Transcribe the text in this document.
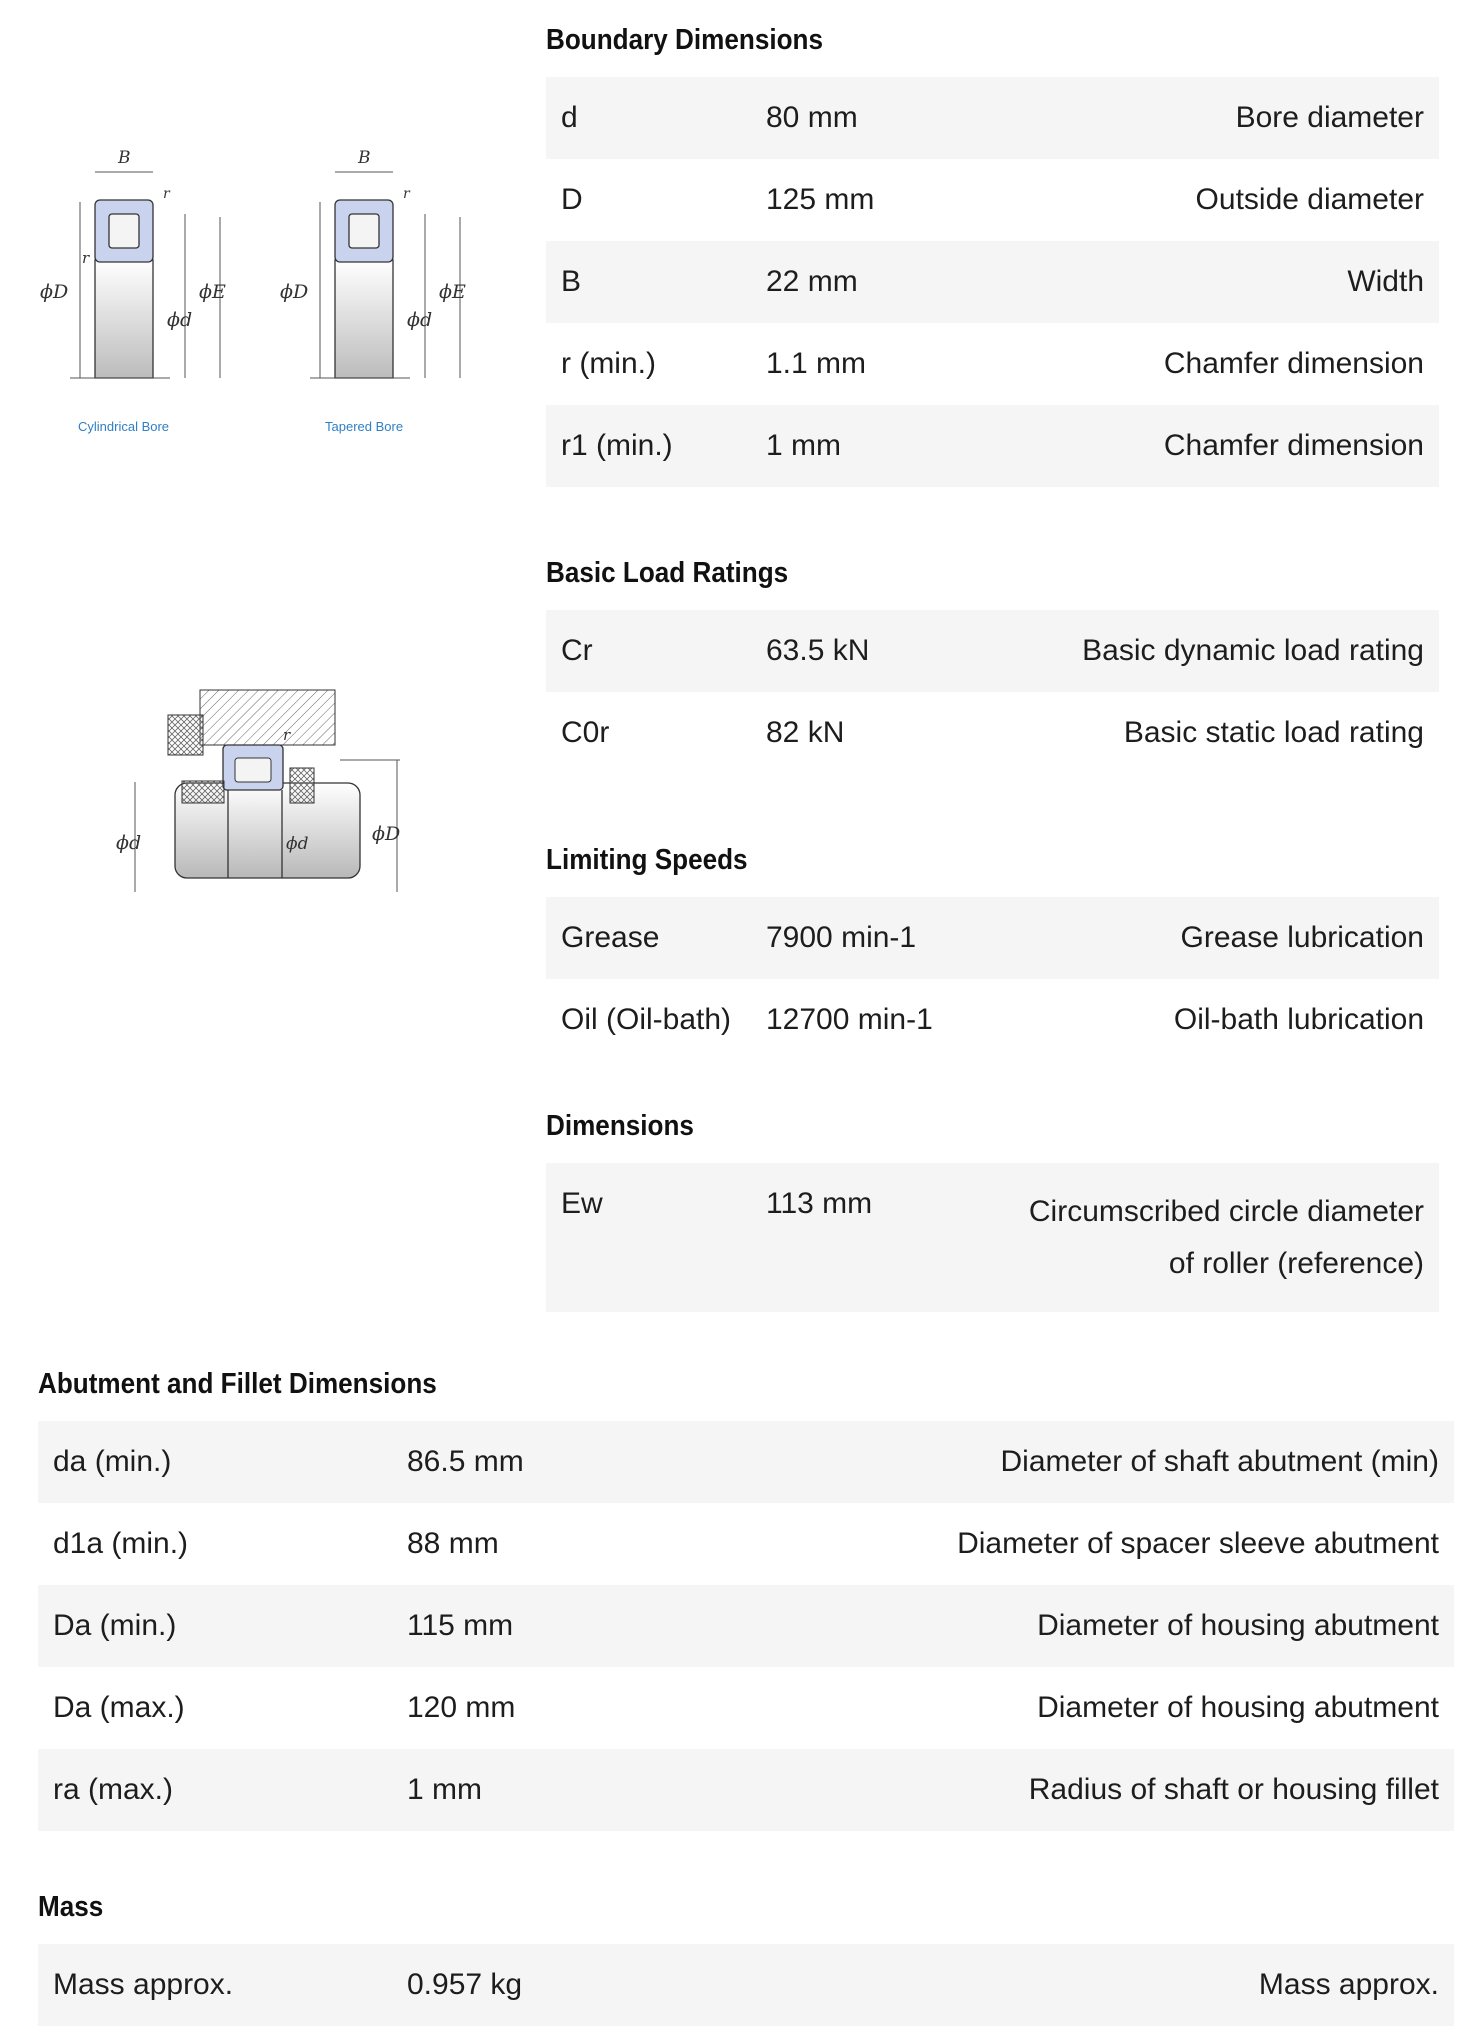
B
r
r
ϕD
ϕd
ϕE
Cylindrical Bore
B
r
ϕD
ϕd
ϕE
Tapered Bore
ϕd	ϕd	ϕD
r
Boundary Dimensions
d	80 mm	Bore diameter
D	125 mm	Outside diameter
B	22 mm	Width
r (min.)	1.1 mm	Chamfer dimension
r1 (min.)	1 mm	Chamfer dimension
Basic Load Ratings
Cr	63.5 kN	Basic dynamic load rating
C0r	82 kN	Basic static load rating
Limiting Speeds
Grease	7900 min-1	Grease lubrication
Oil (Oil-bath)	12700 min-1	Oil-bath lubrication
Dimensions
Ew	113 mm	Circumscribed circle diameter
of roller (reference)
Abutment and Fillet Dimensions
da (min.)	86.5 mm	Diameter of shaft abutment (min)
d1a (min.)	88 mm	Diameter of spacer sleeve abutment
Da (min.)	115 mm	Diameter of housing abutment
Da (max.)	120 mm	Diameter of housing abutment
ra (max.)	1 mm	Radius of shaft or housing fillet
Mass
Mass approx.	0.957 kg	Mass approx.
